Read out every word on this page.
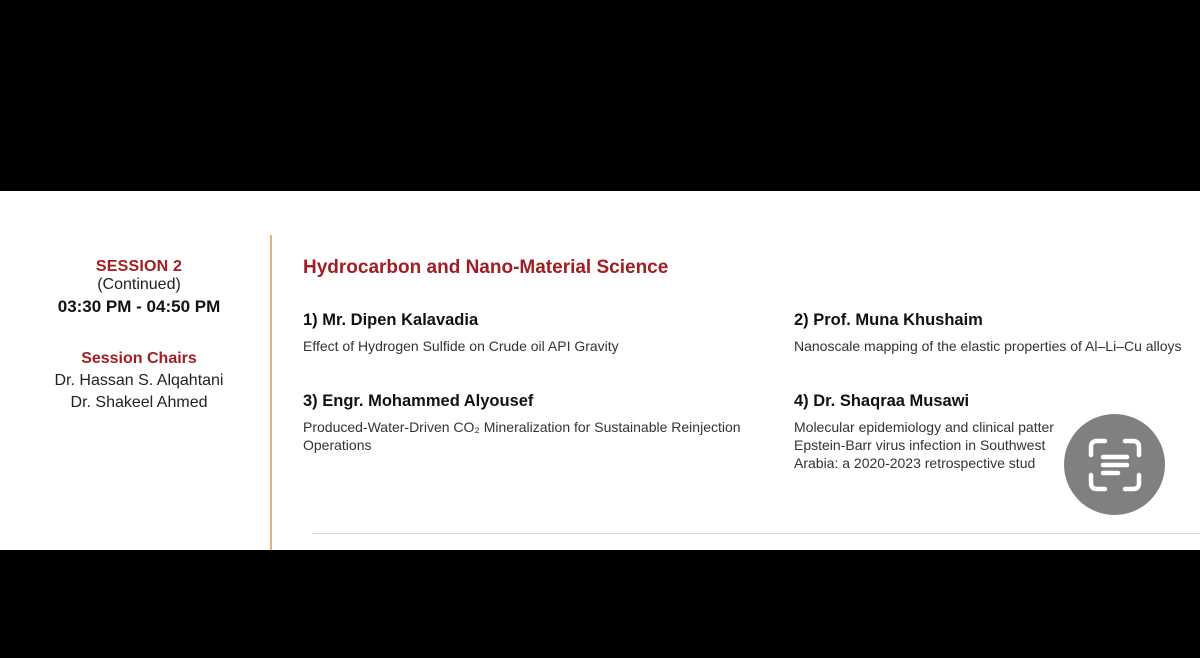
SESSION 2
(Continued)
03:30 PM - 04:50 PM
Session Chairs
Dr. Hassan S. Alqahtani
Dr. Shakeel Ahmed
Hydrocarbon and Nano-Material Science
1) Mr. Dipen Kalavadia
Effect of Hydrogen Sulfide on Crude oil API Gravity
2) Prof. Muna Khushaim
Nanoscale mapping of the elastic properties of Al–Li–Cu alloys
3) Engr. Mohammed Alyousef
Produced-Water-Driven CO₂ Mineralization for Sustainable Reinjection Operations
4) Dr. Shaqraa Musawi
Molecular epidemiology and clinical patter Epstein-Barr virus infection in Southwest Arabia: a 2020-2023 retrospective stud
